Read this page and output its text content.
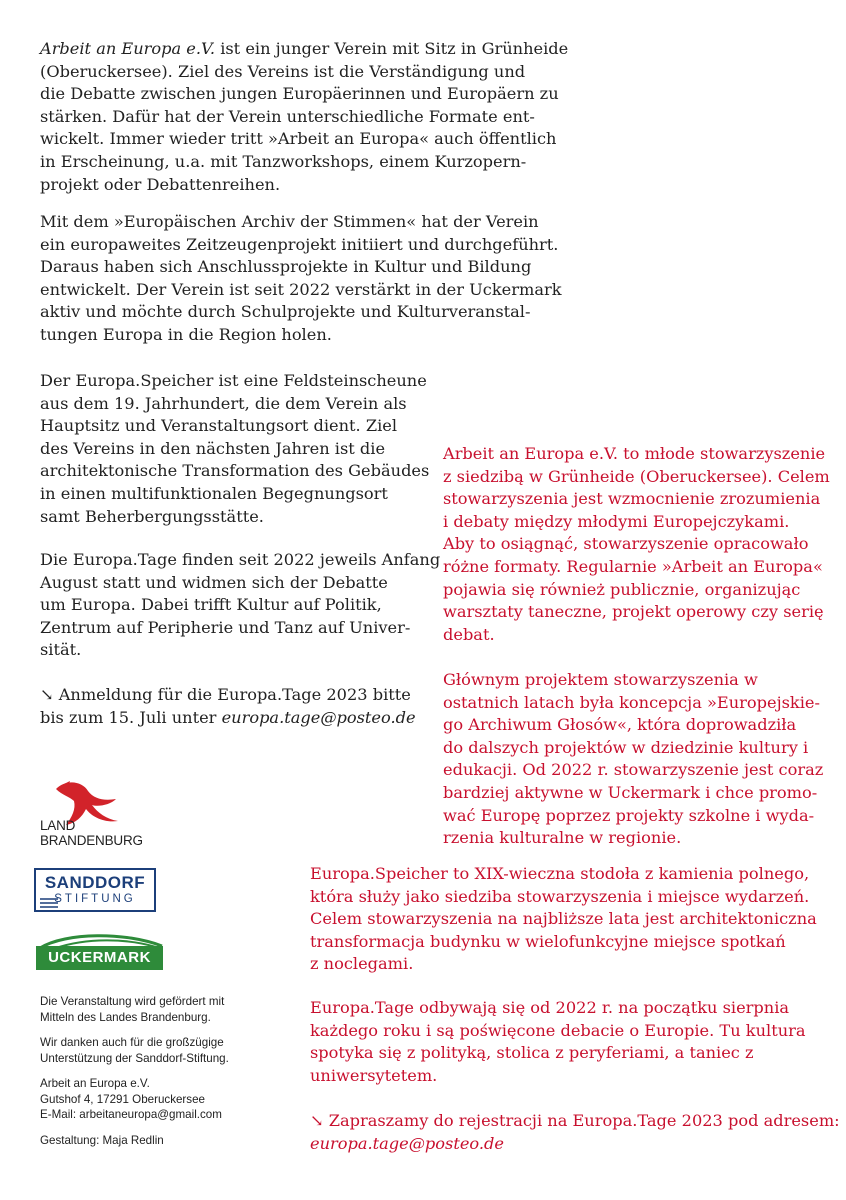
Arbeit an Europa e.V. ist ein junger Verein mit Sitz in Grünheide
(Oberuckersee). Ziel des Vereins ist die Verständigung und
die Debatte zwischen jungen Europäerinnen und Europäern zu
stärken. Dafür hat der Verein unterschiedliche Formate ent-
wickelt. Immer wieder tritt »Arbeit an Europa« auch öffentlich
in Erscheinung, u.a. mit Tanzworkshops, einem Kurzopern-
projekt oder Debattenreihen.

Mit dem »Europäischen Archiv der Stimmen« hat der Verein
ein europaweites Zeitzeugenprojekt initiiert und durchgeführt.
Daraus haben sich Anschlussprojekte in Kultur und Bildung
entwickelt. Der Verein ist seit 2022 verstärkt in der Uckermark
aktiv und möchte durch Schulprojekte und Kulturveranstal-
tungen Europa in die Region holen.

Der Europa.Speicher ist eine Feldsteinscheune
aus dem 19. Jahrhundert, die dem Verein als
Hauptsitz und Veranstaltungsort dient. Ziel
des Vereins in den nächsten Jahren ist die
architektonische Transformation des Gebäudes
in einen multifunktionalen Begegnungsort
samt Beherbergungsstätte.

Die Europa.Tage finden seit 2022 jeweils Anfang
August statt und widmen sich der Debatte
um Europa. Dabei trifft Kultur auf Politik,
Zentrum auf Peripherie und Tanz auf Univer-
sität.

↘ Anmeldung für die Europa.Tage 2023 bitte
bis zum 15. Juli unter europa.tage@posteo.de

Arbeit an Europa e.V. to młode stowarzyszenie
z siedzibą w Grünheide (Oberuckersee). Celem
stowarzyszenia jest wzmocnienie zrozumienia
i debaty między młodymi Europejczykami.
Aby to osiągnąć, stowarzyszenie opracowało
różne formaty. Regularnie »Arbeit an Europa«
pojawia się również publicznie, organizując
warsztaty taneczne, projekt operowy czy serię
debat.

Głównym projektem stowarzyszenia w
ostatnich latach była koncepcja »Europejskie-
go Archiwum Głosów«, która doprowadziła
do dalszych projektów w dziedzinie kultury i
edukacji. Od 2022 r. stowarzyszenie jest coraz
bardziej aktywne w Uckermark i chce promo-
wać Europę poprzez projekty szkolne i wyda-
rzenia kulturalne w regionie.

Europa.Speicher to XIX-wieczna stodoła z kamienia polnego,
która służy jako siedziba stowarzyszenia i miejsce wydarzeń.
Celem stowarzyszenia na najbliższe lata jest architektoniczna
transformacja budynku w wielofunkcyjne miejsce spotkań
z noclegami.

Europa.Tage odbywają się od 2022 r. na początku sierpnia
każdego roku i są poświęcone debacie o Europie. Tu kultura
spotyka się z polityką, stolica z peryferiami, a taniec z
uniwersytetem.

↘ Zapraszamy do rejestracji na Europa.Tage 2023 pod adresem:
europa.tage@posteo.de

LAND
BRANDENBURG
SANDDORF
STIFTUNG
UCKERMARK

Die Veranstaltung wird gefördert mit
Mitteln des Landes Brandenburg.

Wir danken auch für die großzügige
Unterstützung der Sanddorf-Stiftung.

Arbeit an Europa e.V.
Gutshof 4, 17291 Oberuckersee
E-Mail: arbeitaneuropa@gmail.com

Gestaltung: Maja Redlin
